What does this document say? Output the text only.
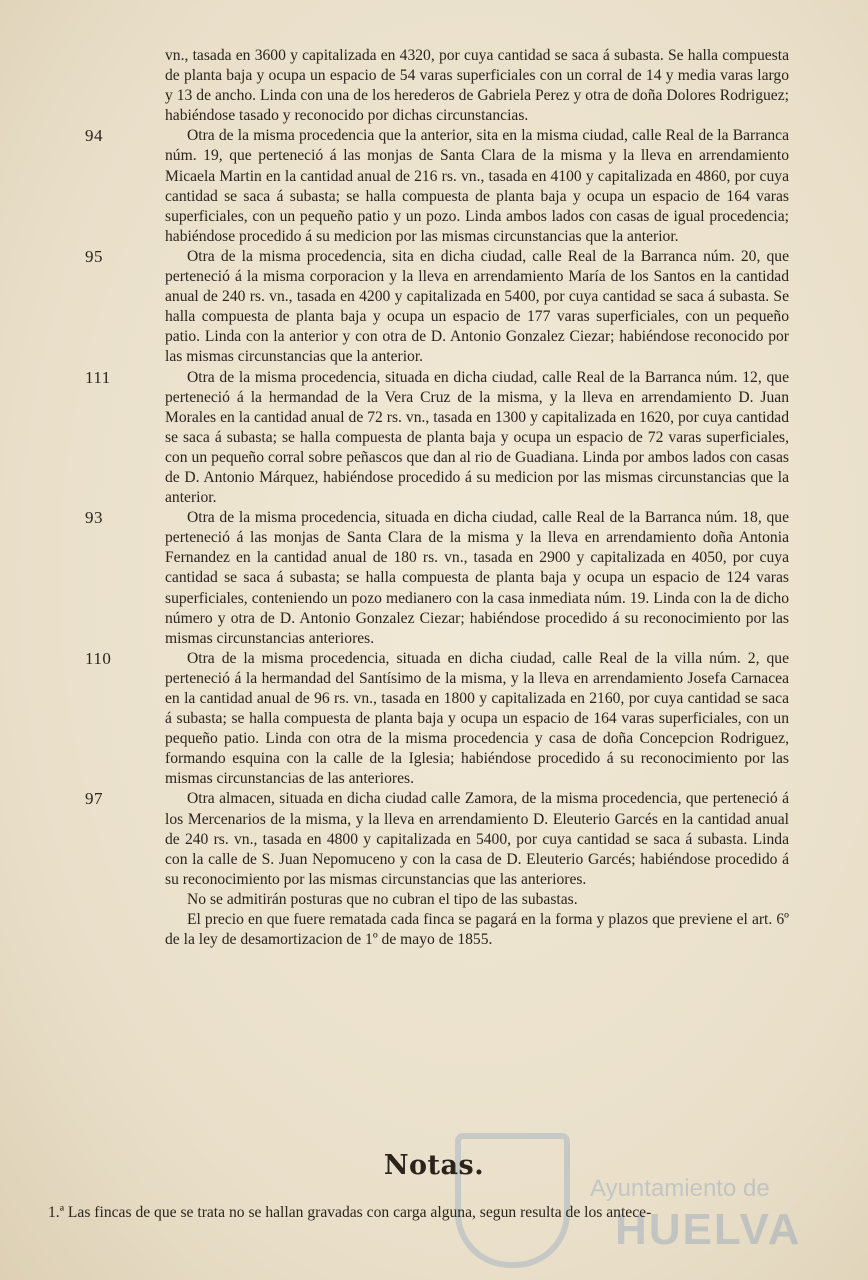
vn., tasada en 3600 y capitalizada en 4320, por cuya cantidad se saca á subasta. Se halla compuesta de planta baja y ocupa un espacio de 54 varas superficiales con un corral de 14 y media varas largo y 13 de ancho. Linda con una de los herederos de Gabriela Perez y otra de doña Dolores Rodriguez; habiéndose tasado y reconocido por dichas circunstancias.

94	Otra de la misma procedencia que la anterior, sita en la misma ciudad, calle Real de la Barranca núm. 19, que perteneció á las monjas de Santa Clara de la misma y la lleva en arrendamiento Micaela Martin en la cantidad anual de 216 rs. vn., tasada en 4100 y capitalizada en 4860, por cuya cantidad se saca á subasta; se halla compuesta de planta baja y ocupa un espacio de 164 varas superficiales, con un pequeño patio y un pozo. Linda ambos lados con casas de igual procedencia; habiéndose procedido á su medicion por las mismas circunstancias que la anterior.

95	Otra de la misma procedencia, sita en dicha ciudad, calle Real de la Barranca núm. 20, que perteneció á la misma corporacion y la lleva en arrendamiento María de los Santos en la cantidad anual de 240 rs. vn., tasada en 4200 y capitalizada en 5400, por cuya cantidad se saca á subasta. Se halla compuesta de planta baja y ocupa un espacio de 177 varas superficiales, con un pequeño patio. Linda con la anterior y con otra de D. Antonio Gonzalez Ciezar; habiéndose reconocido por las mismas circunstancias que la anterior.

111	Otra de la misma procedencia, situada en dicha ciudad, calle Real de la Barranca núm. 12, que perteneció á la hermandad de la Vera Cruz de la misma, y la lleva en arrendamiento D. Juan Morales en la cantidad anual de 72 rs. vn., tasada en 1300 y capitalizada en 1620, por cuya cantidad se saca á subasta; se halla compuesta de planta baja y ocupa un espacio de 72 varas superficiales, con un pequeño corral sobre peñascos que dan al rio de Guadiana. Linda por ambos lados con casas de D. Antonio Márquez, habiéndose procedido á su medicion por las mismas circunstancias que la anterior.

93	Otra de la misma procedencia, situada en dicha ciudad, calle Real de la Barranca núm. 18, que perteneció á las monjas de Santa Clara de la misma y la lleva en arrendamiento doña Antonia Fernandez en la cantidad anual de 180 rs. vn., tasada en 2900 y capitalizada en 4050, por cuya cantidad se saca á subasta; se halla compuesta de planta baja y ocupa un espacio de 124 varas superficiales, conteniendo un pozo medianero con la casa inmediata núm. 19. Linda con la de dicho número y otra de D. Antonio Gonzalez Ciezar; habiéndose procedido á su reconocimiento por las mismas circunstancias anteriores.

110	Otra de la misma procedencia, situada en dicha ciudad, calle Real de la villa núm. 2, que perteneció á la hermandad del Santísimo de la misma, y la lleva en arrendamiento Josefa Carnacea en la cantidad anual de 96 rs. vn., tasada en 1800 y capitalizada en 2160, por cuya cantidad se saca á subasta; se halla compuesta de planta baja y ocupa un espacio de 164 varas superficiales, con un pequeño patio. Linda con otra de la misma procedencia y casa de doña Concepcion Rodriguez, formando esquina con la calle de la Iglesia; habiéndose procedido á su reconocimiento por las mismas circunstancias de las anteriores.

97	Otra almacen, situada en dicha ciudad calle Zamora, de la misma procedencia, que perteneció á los Mercenarios de la misma, y la lleva en arrendamiento D. Eleuterio Garcés en la cantidad anual de 240 rs. vn., tasada en 4800 y capitalizada en 5400, por cuya cantidad se saca á subasta. Linda con la calle de S. Juan Nepomuceno y con la casa de D. Eleuterio Garcés; habiéndose procedido á su reconocimiento por las mismas circunstancias que las anteriores.

No se admitirán posturas que no cubran el tipo de las subastas.

El precio en que fuere rematada cada finca se pagará en la forma y plazos que previene el art. 6º de la ley de desamortizacion de 1º de mayo de 1855.

Ayuntamiento de
HUELVA
Notas.
1.ª Las fincas de que se trata no se hallan gravadas con carga alguna, segun resulta de los antece-
